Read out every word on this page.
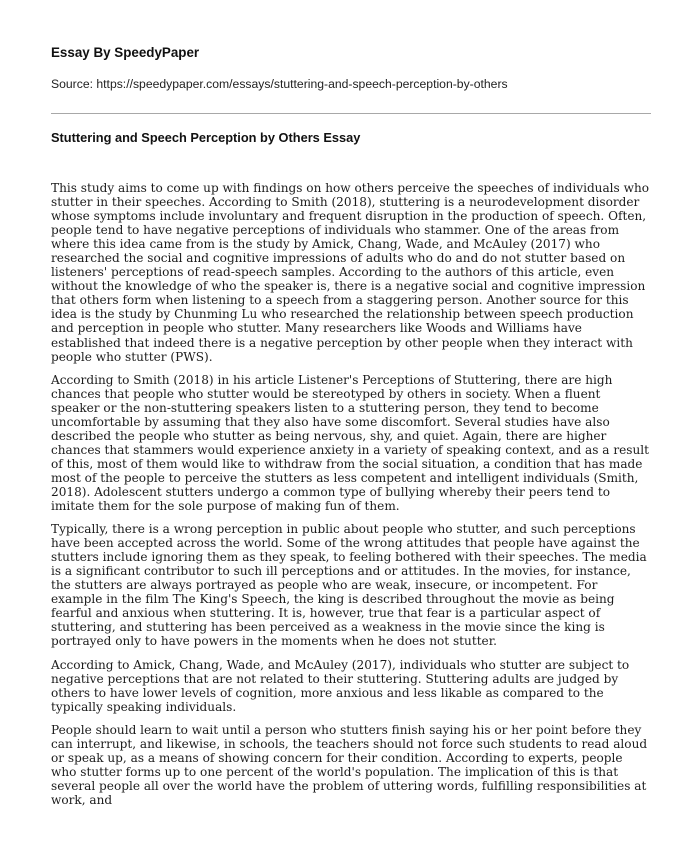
Essay By SpeedyPaper

Source: https://speedypaper.com/essays/stuttering-and-speech-perception-by-others

Stuttering and Speech Perception by Others Essay

This study aims to come up with findings on how others perceive the speeches of individuals who stutter in their speeches. According to Smith (2018), stuttering is a neurodevelopment disorder whose symptoms include involuntary and frequent disruption in the production of speech. Often, people tend to have negative perceptions of individuals who stammer. One of the areas from where this idea came from is the study by Amick, Chang, Wade, and McAuley (2017) who researched the social and cognitive impressions of adults who do and do not stutter based on listeners' perceptions of read-speech samples. According to the authors of this article, even without the knowledge of who the speaker is, there is a negative social and cognitive impression that others form when listening to a speech from a staggering person. Another source for this idea is the study by Chunming Lu who researched the relationship between speech production and perception in people who stutter. Many researchers like Woods and Williams have established that indeed there is a negative perception by other people when they interact with people who stutter (PWS).

According to Smith (2018) in his article Listener's Perceptions of Stuttering, there are high chances that people who stutter would be stereotyped by others in society. When a fluent speaker or the non-stuttering speakers listen to a stuttering person, they tend to become uncomfortable by assuming that they also have some discomfort. Several studies have also described the people who stutter as being nervous, shy, and quiet. Again, there are higher chances that stammers would experience anxiety in a variety of speaking context, and as a result of this, most of them would like to withdraw from the social situation, a condition that has made most of the people to perceive the stutters as less competent and intelligent individuals (Smith, 2018). Adolescent stutters undergo a common type of bullying whereby their peers tend to imitate them for the sole purpose of making fun of them.

Typically, there is a wrong perception in public about people who stutter, and such perceptions have been accepted across the world. Some of the wrong attitudes that people have against the stutters include ignoring them as they speak, to feeling bothered with their speeches. The media is a significant contributor to such ill perceptions and or attitudes. In the movies, for instance, the stutters are always portrayed as people who are weak, insecure, or incompetent. For example in the film The King's Speech, the king is described throughout the movie as being fearful and anxious when stuttering. It is, however, true that fear is a particular aspect of stuttering, and stuttering has been perceived as a weakness in the movie since the king is portrayed only to have powers in the moments when he does not stutter.

According to Amick, Chang, Wade, and McAuley (2017), individuals who stutter are subject to negative perceptions that are not related to their stuttering. Stuttering adults are judged by others to have lower levels of cognition, more anxious and less likable as compared to the typically speaking individuals.

People should learn to wait until a person who stutters finish saying his or her point before they can interrupt, and likewise, in schools, the teachers should not force such students to read aloud or speak up, as a means of showing concern for their condition. According to experts, people who stutter forms up to one percent of the world's population. The implication of this is that several people all over the world have the problem of uttering words, fulfilling responsibilities at work, and
